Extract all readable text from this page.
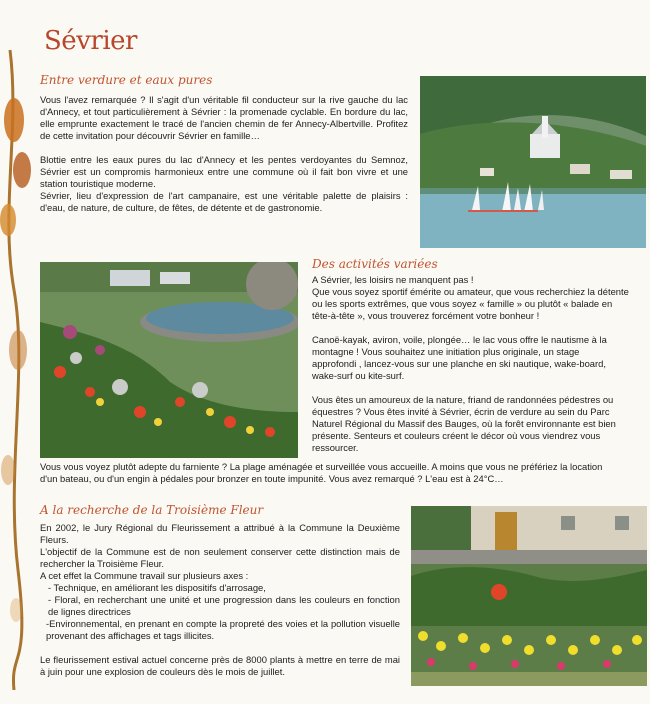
Sévrier
Entre verdure et eaux pures

Vous l'avez remarquée ? Il s'agit d'un véritable fil conducteur sur la rive gauche du lac d'Annecy, et tout particulièrement à Sévrier : la promenade cyclable. En bordure du lac, elle emprunte exactement le tracé de l'ancien chemin de fer Annecy-Albertville. Profitez de cette invitation pour découvrir Sévrier en famille…

Blottie entre les eaux pures du lac d'Annecy et les pentes verdoyantes du Semnoz, Sévrier est un compromis harmonieux entre une commune où il fait bon vivre et une station touristique moderne.

Sévrier, lieu d'expression de l'art campanaire, est une véritable palette de plaisirs : d'eau, de nature, de culture, de fêtes, de détente et de gastronomie.

Des activités variées

A Sévrier, les loisirs ne manquent pas !

Que vous soyez sportif émérite ou amateur, que vous recherchiez la détente

ou les sports extrêmes, que vous soyez « famille » ou plutôt « balade en

tête-à-tête », vous trouverez forcément votre bonheur !

Canoë-kayak, aviron, voile, plongée… le lac vous offre le nautisme à la

montagne ! Vous souhaitez une initiation plus originale, un stage

approfondi , lancez-vous sur une planche en ski nautique, wake-board,

wake-surf ou kite-surf.

Vous êtes un amoureux de la nature, friand de randonnées pédestres ou

équestres ? Vous êtes invité à Sévrier, écrin de verdure au sein du Parc

Naturel Régional du Massif des Bauges, où la forêt environnante est bien

présente. Senteurs et couleurs créent le décor où vous viendrez vous

ressourcer.

Vous vous voyez plutôt adepte du farniente ? La plage aménagée et surveillée vous accueille. A moins que vous ne préfériez la location

d'un bateau, ou d'un engin à pédales pour bronzer en toute impunité. Vous avez remarqué ? L'eau est à 24°C…

A la recherche de la Troisième Fleur

En 2002, le Jury Régional du Fleurissement a attribué à la Commune la Deuxième Fleurs.

L'objectif de la Commune est de non seulement conserver cette distinction mais de rechercher la Troisième Fleur.

A cet effet la Commune travail sur plusieurs axes :

- Technique, en améliorant les dispositifs d'arrosage,

- Floral, en recherchant une unité et une progression dans les couleurs en fonction de lignes directrices

-Environnemental, en prenant en compte la propreté des voies et la pollution visuelle provenant des affichages et tags illicites.

Le fleurissement estival actuel concerne près de 8000 plants à mettre en terre de mai à juin pour une explosion de couleurs dès le mois de juillet.
